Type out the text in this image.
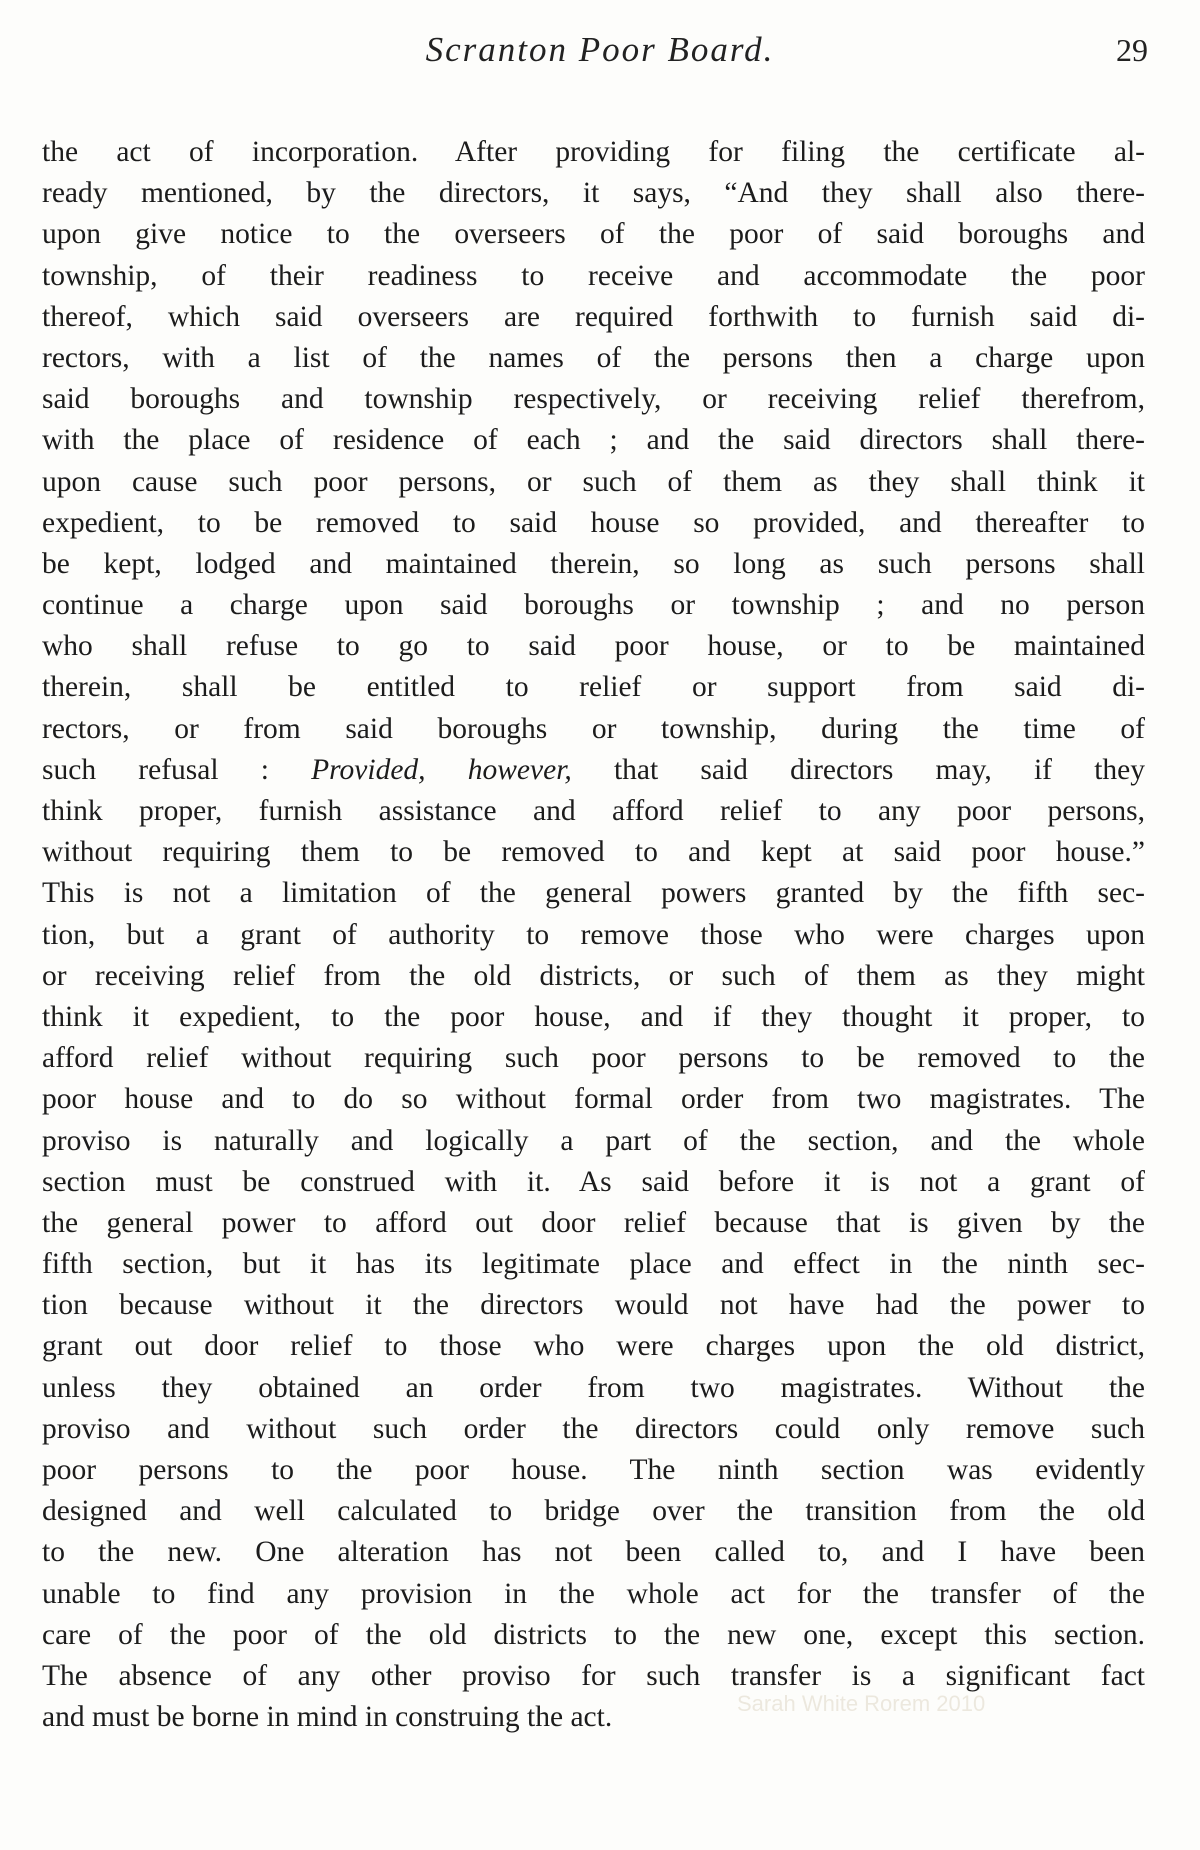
Scranton Poor Board.	29
the act of incorporation. After providing for filing the certificate al-
ready mentioned, by the directors, it says, “And they shall also there-
upon give notice to the overseers of the poor of said boroughs and
township, of their readiness to receive and accommodate the poor
thereof, which said overseers are required forthwith to furnish said di-
rectors, with a list of the names of the persons then a charge upon
said boroughs and township respectively, or receiving relief therefrom,
with the place of residence of each ; and the said directors shall there-
upon cause such poor persons, or such of them as they shall think it
expedient, to be removed to said house so provided, and thereafter to
be kept, lodged and maintained therein, so long as such persons shall
continue a charge upon said boroughs or township ; and no person
who shall refuse to go to said poor house, or to be maintained
therein, shall be entitled to relief or support from said di-
rectors, or from said boroughs or township, during the time of
such refusal : Provided, however, that said directors may, if they
think proper, furnish assistance and afford relief to any poor persons,
without requiring them to be removed to and kept at said poor house.”
This is not a limitation of the general powers granted by the fifth sec-
tion, but a grant of authority to remove those who were charges upon
or receiving relief from the old districts, or such of them as they might
think it expedient, to the poor house, and if they thought it proper, to
afford relief without requiring such poor persons to be removed to the
poor house and to do so without formal order from two magistrates. The
proviso is naturally and logically a part of the section, and the whole
section must be construed with it. As said before it is not a grant of
the general power to afford out door relief because that is given by the
fifth section, but it has its legitimate place and effect in the ninth sec-
tion because without it the directors would not have had the power to
grant out door relief to those who were charges upon the old district,
unless they obtained an order from two magistrates. Without the
proviso and without such order the directors could only remove such
poor persons to the poor house. The ninth section was evidently
designed and well calculated to bridge over the transition from the old
to the new. One alteration has not been called to, and I have been
unable to find any provision in the whole act for the transfer of the
care of the poor of the old districts to the new one, except this section.
The absence of any other proviso for such transfer is a significant fact
and must be borne in mind in construing the act.	Sarah White Rorem 2010
